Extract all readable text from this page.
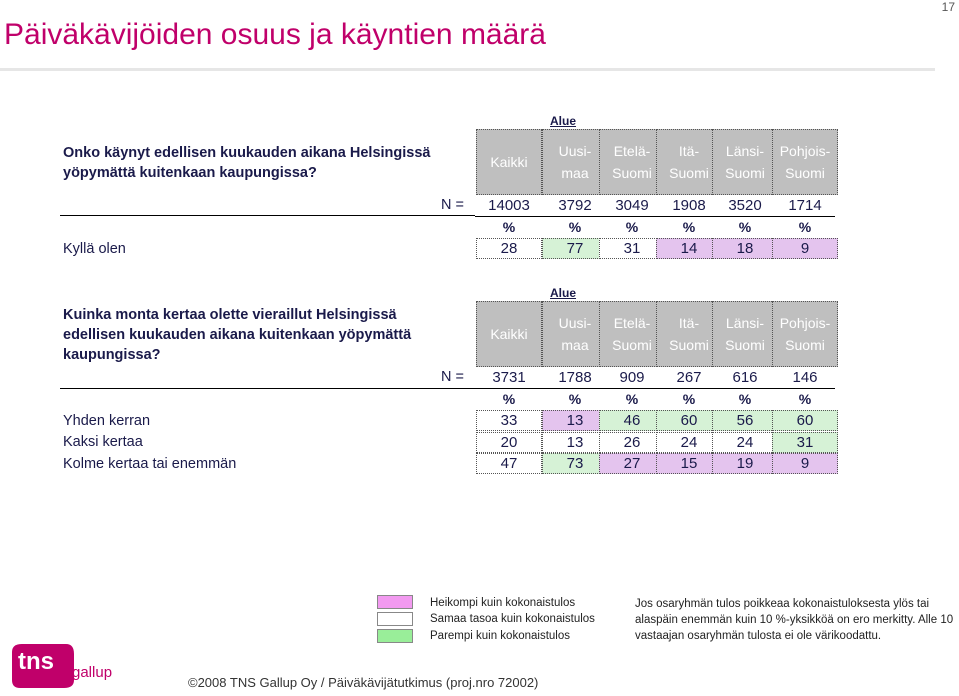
17
Päiväkävijöiden osuus ja käyntien määrä
Onko käynyt edellisen kuukauden aikana Helsingissä yöpymättä kuitenkaan kaupungissa?
Alue
Kaikki
14003
%
28
Uusi-
maa
3792
%
77
Etelä-
Suomi
3049
%
31
Itä-
Suomi
1908
%
14
Länsi-
Suomi
3520
%
18
Pohjois-
Suomi
1714
%
9
N =
Kyllä olen
Kuinka monta kertaa olette vieraillut Helsingissä edellisen kuukauden aikana kuitenkaan yöpymättä kaupungissa?
Alue
Kaikki
3731
%
33
20
47
Uusi-
maa
1788
%
13
13
73
Etelä-
Suomi
909
%
46
26
27
Itä-
Suomi
267
%
60
24
15
Länsi-
Suomi
616
%
56
24
19
Pohjois-
Suomi
146
%
60
31
9
N =
Yhden kerran
Kaksi kertaa
Kolme kertaa tai enemmän
Heikompi kuin kokonaistulos
Samaa tasoa kuin kokonaistulos
Parempi kuin kokonaistulos
Jos osaryhmän tulos poikkeaa kokonaistuloksesta ylös tai alaspäin enemmän kuin 10 %-yksikköä on ero merkitty. Alle 10 vastaajan osaryhmän tulosta ei ole värikoodattu.
tns gallup
©2008 TNS Gallup Oy / Päiväkävijätutkimus (proj.nro 72002)
